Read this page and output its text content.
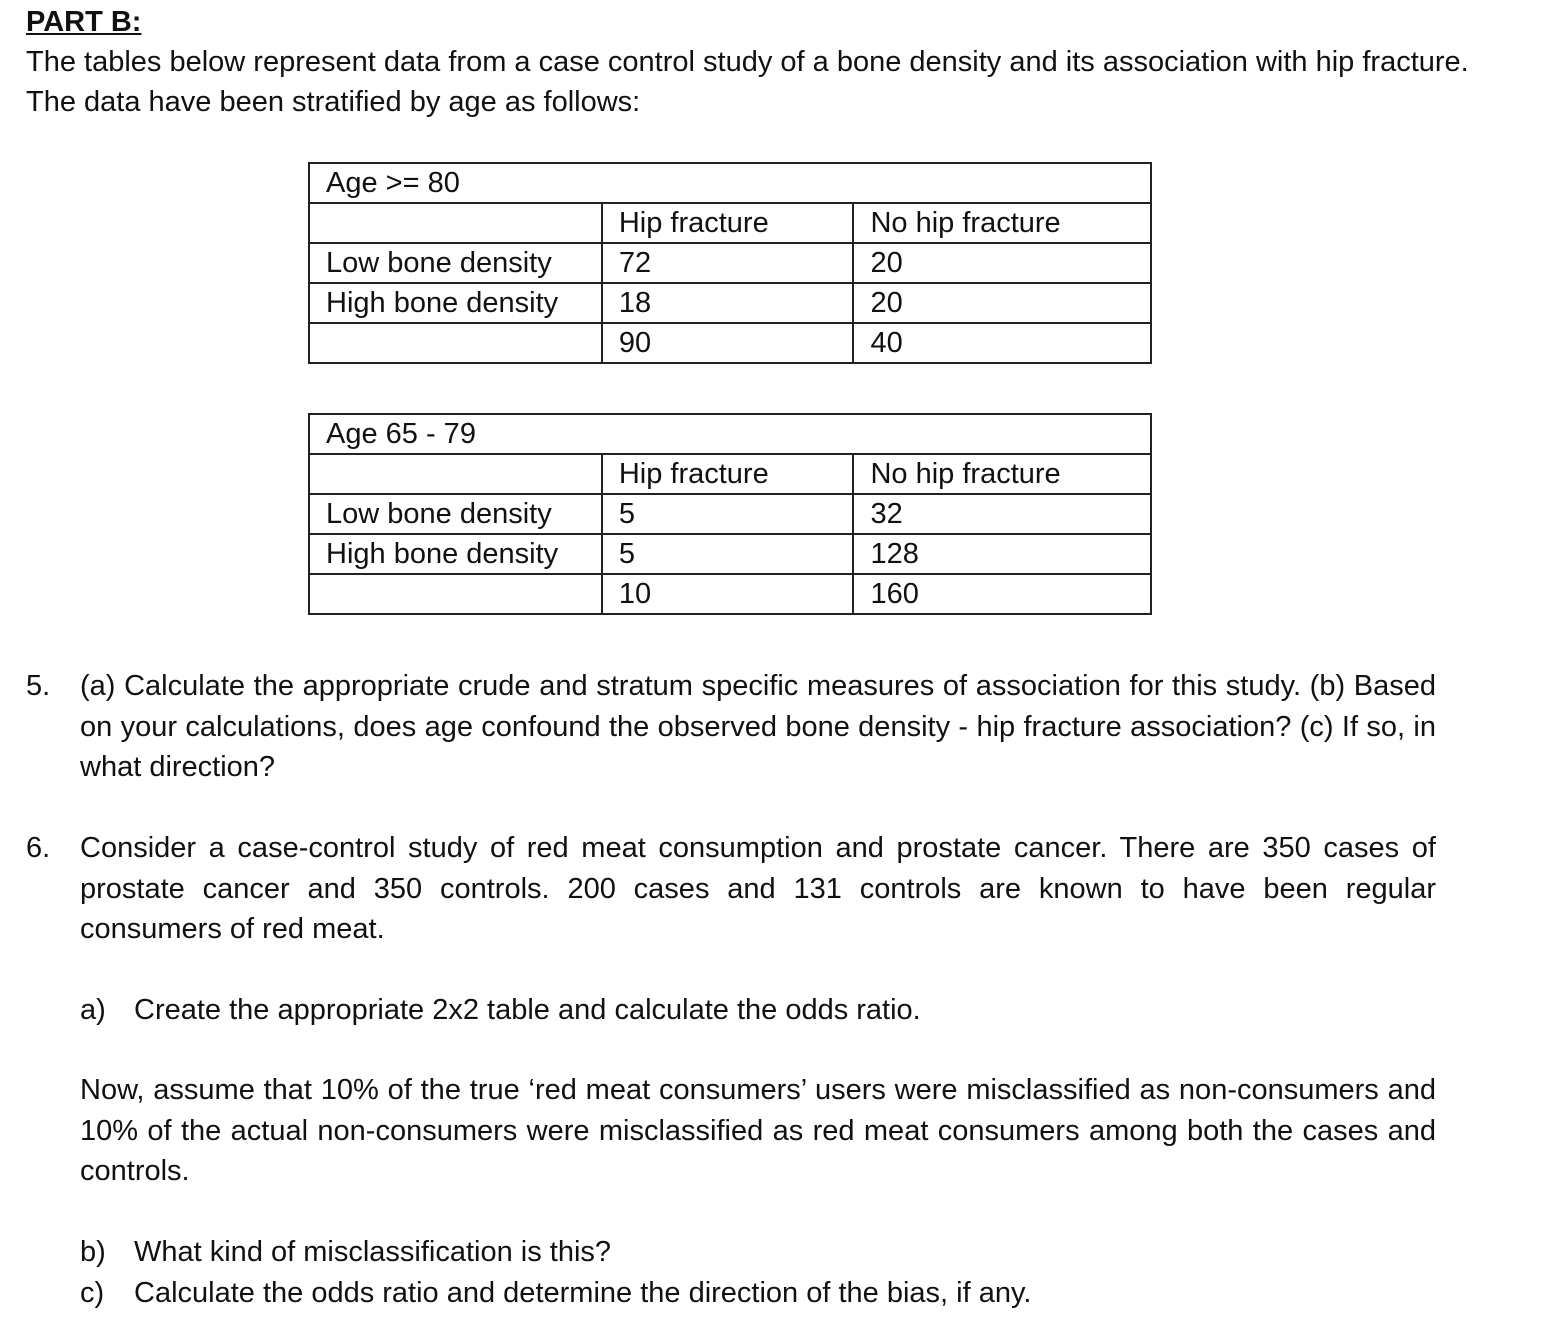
PART B:
The tables below represent data from a case control study of a bone density and its association with hip fracture. The data have been stratified by age as follows:
Age >= 80		
	Hip fracture	No hip fracture
Low bone density	72	20
High bone density	18	20
	90	40
Age 65 - 79		
	Hip fracture	No hip fracture
Low bone density	5	32
High bone density	5	128
	10	160
5. (a) Calculate the appropriate crude and stratum specific measures of association for this study. (b) Based on your calculations, does age confound the observed bone density - hip fracture association? (c) If so, in what direction?
6. Consider a case-control study of red meat consumption and prostate cancer. There are 350 cases of prostate cancer and 350 controls. 200 cases and 131 controls are known to have been regular consumers of red meat.
a) Create the appropriate 2x2 table and calculate the odds ratio.
Now, assume that 10% of the true ‘red meat consumers’ users were misclassified as non-consumers and 10% of the actual non-consumers were misclassified as red meat consumers among both the cases and controls.
b) What kind of misclassification is this?
c) Calculate the odds ratio and determine the direction of the bias, if any.
